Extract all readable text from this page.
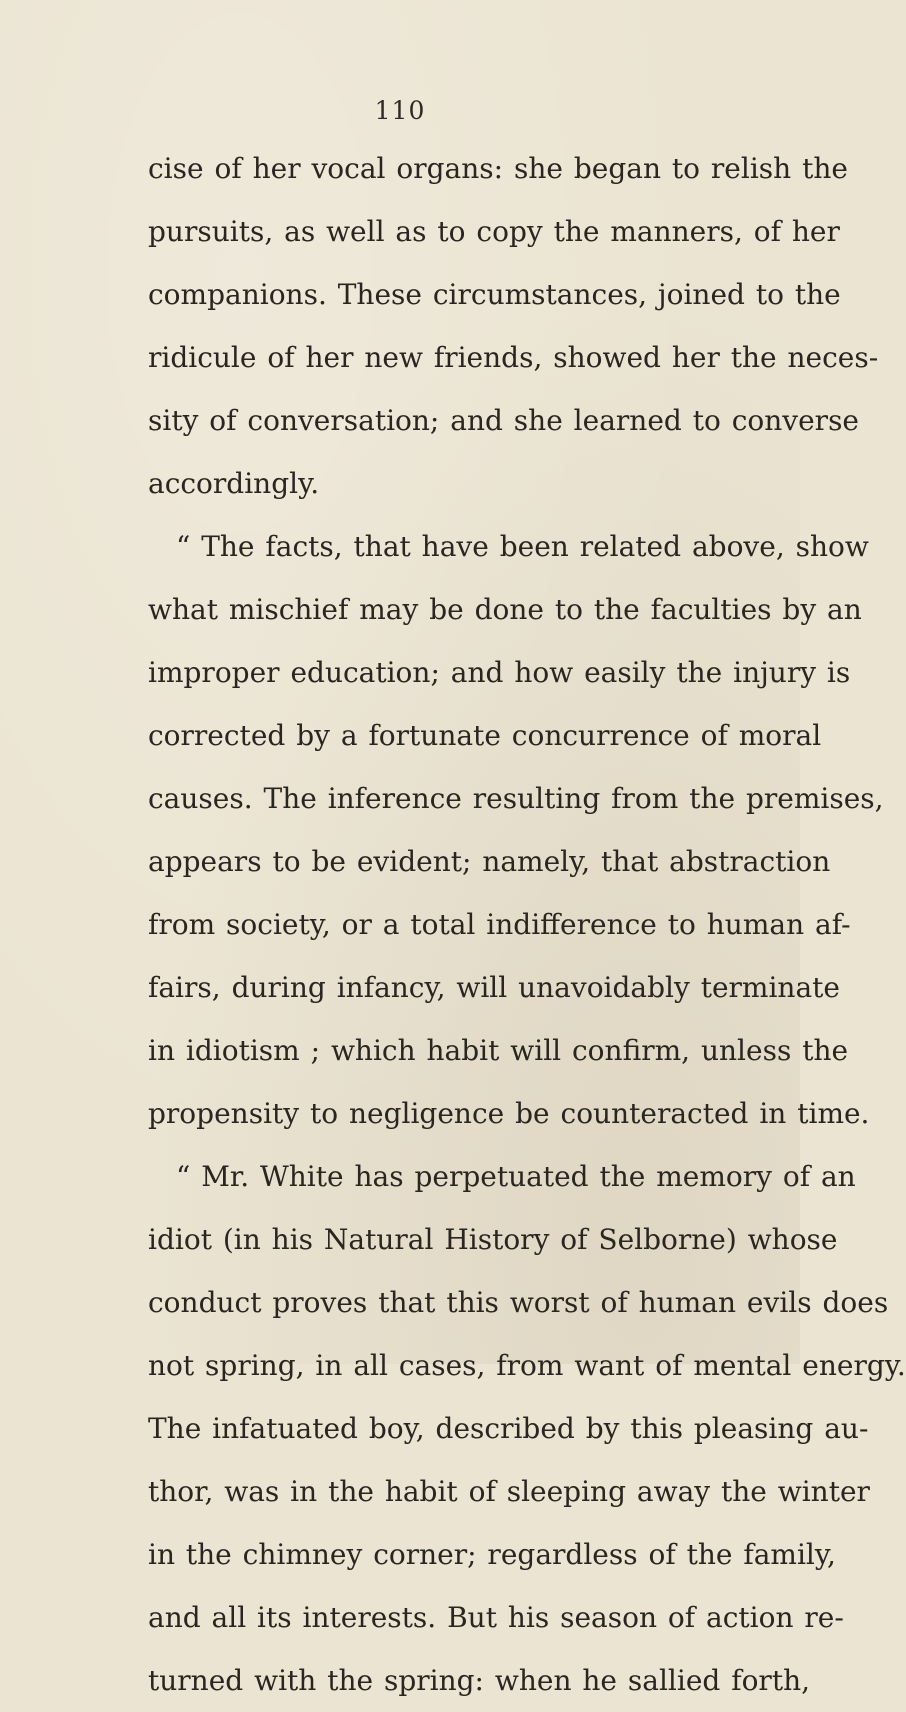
110
cise of her vocal organs: she began to relish the
pursuits, as well as to copy the manners, of her
companions. These circumstances, joined to the
ridicule of her new friends, showed her the neces-
sity of conversation; and she learned to converse
accordingly.
“ The facts, that have been related above, show
what mischief may be done to the faculties by an
improper education; and how easily the injury is
corrected by a fortunate concurrence of moral
causes. The inference resulting from the premises,
appears to be evident; namely, that abstraction
from society, or a total indifference to human af-
fairs, during infancy, will unavoidably terminate
in idiotism ; which habit will confirm, unless the
propensity to negligence be counteracted in time.
“ Mr. White has perpetuated the memory of an
idiot (in his Natural History of Selborne) whose
conduct proves that this worst of human evils does
not spring, in all cases, from want of mental energy.
The infatuated boy, described by this pleasing au-
thor, was in the habit of sleeping away the winter
in the chimney corner; regardless of the family,
and all its interests. But his season of action re-
turned with the spring: when he sallied forth,
